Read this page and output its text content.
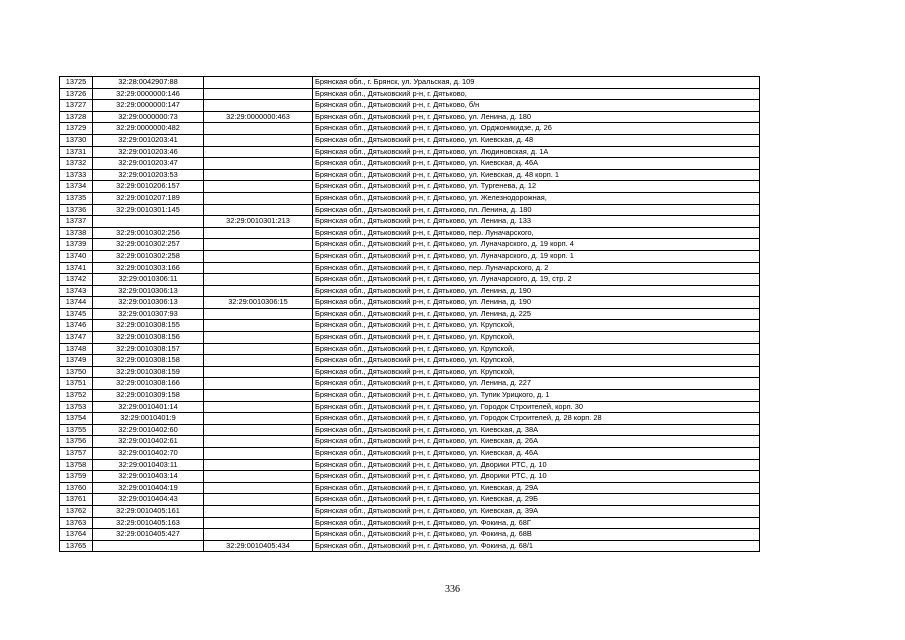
13725	32:28:0042907:88		Брянская обл., г. Брянск, ул. Уральская, д. 109
13726	32:29:0000000:146		Брянская обл., Дятьковский р-н, г. Дятьково,
13727	32:29:0000000:147		Брянская обл., Дятьковский р-н, г. Дятьково, б/н
13728	32:29:0000000:73	32:29:0000000:463	Брянская обл., Дятьковский р-н, г. Дятьково, ул. Ленина, д. 180
13729	32:29:0000000:482		Брянская обл., Дятьковский р-н, г. Дятьково, ул. Орджоникидзе, д. 26
13730	32:29:0010203:41		Брянская обл., Дятьковский р-н, г. Дятьково, ул. Киевская, д. 48
13731	32:29:0010203:46		Брянская обл., Дятьковский р-н, г. Дятьково, ул. Людиновская, д. 1А
13732	32:29:0010203:47		Брянская обл., Дятьковский р-н, г. Дятьково, ул. Киевская, д. 46А
13733	32:29:0010203:53		Брянская обл., Дятьковский р-н, г. Дятьково, ул. Киевская, д. 48 корп. 1
13734	32:29:0010206:157		Брянская обл., Дятьковский р-н, г. Дятьково, ул. Тургенева, д. 12
13735	32:29:0010207:189		Брянская обл., Дятьковский р-н, г. Дятьково, ул. Железнодорожная,
13736	32:29:0010301:145		Брянская обл., Дятьковский р-н, г. Дятьково, пл. Ленина, д. 180
13737		32:29:0010301:213	Брянская обл., Дятьковский р-н, г. Дятьково, ул. Ленина, д. 133
13738	32:29:0010302:256		Брянская обл., Дятьковский р-н, г. Дятьково, пер. Луначарского,
13739	32:29:0010302:257		Брянская обл., Дятьковский р-н, г. Дятьково, ул. Луначарского, д. 19 корп. 4
13740	32:29:0010302:258		Брянская обл., Дятьковский р-н, г. Дятьково, ул. Луначарского, д. 19 корп. 1
13741	32:29:0010303:166		Брянская обл., Дятьковский р-н, г. Дятьково, пер. Луначарского, д. 2
13742	32:29:0010306:11		Брянская обл., Дятьковский р-н, г. Дятьково, ул. Луначарского, д. 19, стр. 2
13743	32:29:0010306:13		Брянская обл., Дятьковский р-н, г. Дятьково, ул. Ленина, д. 190
13744	32:29:0010306:13	32:29:0010306:15	Брянская обл., Дятьковский р-н, г. Дятьково, ул. Ленина, д. 190
13745	32:29:0010307:93		Брянская обл., Дятьковский р-н, г. Дятьково, ул. Ленина, д. 225
13746	32:29:0010308:155		Брянская обл., Дятьковский р-н, г. Дятьково, ул. Крупской,
13747	32:29:0010308:156		Брянская обл., Дятьковский р-н, г. Дятьково, ул. Крупской,
13748	32:29:0010308:157		Брянская обл., Дятьковский р-н, г. Дятьково, ул. Крупской,
13749	32:29:0010308:158		Брянская обл., Дятьковский р-н, г. Дятьково, ул. Крупской,
13750	32:29:0010308:159		Брянская обл., Дятьковский р-н, г. Дятьково, ул. Крупской,
13751	32:29:0010308:166		Брянская обл., Дятьковский р-н, г. Дятьково, ул. Ленина, д. 227
13752	32:29:0010309:158		Брянская обл., Дятьковский р-н, г. Дятьково, ул. Тупик Урицкого, д. 1
13753	32:29:0010401:14		Брянская обл., Дятьковский р-н, г. Дятьково, ул. Городок Строителей, корп. 30
13754	32:29:0010401:9		Брянская обл., Дятьковский р-н, г. Дятьково, ул. Городок Строителей, д. 28 корп. 28
13755	32:29:0010402:60		Брянская обл., Дятьковский р-н, г. Дятьково, ул. Киевская, д. 38А
13756	32:29:0010402:61		Брянская обл., Дятьковский р-н, г. Дятьково, ул. Киевская, д. 26А
13757	32:29:0010402:70		Брянская обл., Дятьковский р-н, г. Дятьково, ул. Киевская, д. 46А
13758	32:29:0010403:11		Брянская обл., Дятьковский р-н, г. Дятьково, ул. Дворики РТС, д. 10
13759	32:29:0010403:14		Брянская обл., Дятьковский р-н, г. Дятьково, ул. Дворики РТС, д. 10
13760	32:29:0010404:19		Брянская обл., Дятьковский р-н, г. Дятьково, ул. Киевская, д. 29А
13761	32:29:0010404:43		Брянская обл., Дятьковский р-н, г. Дятьково, ул. Киевская, д. 29Б
13762	32:29:0010405:161		Брянская обл., Дятьковский р-н, г. Дятьково, ул. Киевская, д. 39А
13763	32:29:0010405:163		Брянская обл., Дятьковский р-н, г. Дятьково, ул. Фокина, д. 68Г
13764	32:29:0010405:427		Брянская обл., Дятьковский р-н, г. Дятьково, ул. Фокина, д. 68В
13765		32:29:0010405:434	Брянская обл., Дятьковский р-н, г. Дятьково, ул. Фокина, д. 68/1
336
